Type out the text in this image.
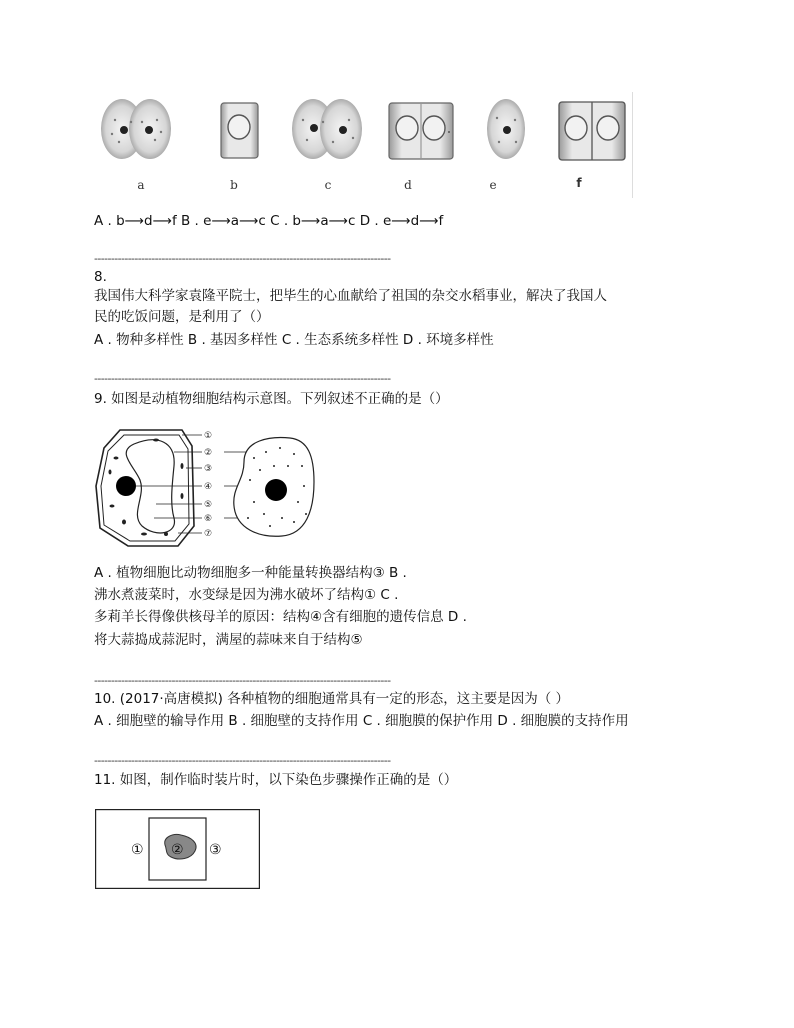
a	b	c	d	e	f
A . b⟶d⟶f B . e⟶a⟶c C . b⟶a⟶c D . e⟶d⟶f
----------------------------------------------------------------------------------------
8.
我国伟大科学家袁隆平院士，把毕生的心血献给了祖国的杂交水稻事业，解决了我国人
民的吃饭问题，是利用了（）
A . 物种多样性 B . 基因多样性 C . 生态系统多样性 D . 环境多样性
----------------------------------------------------------------------------------------
9. 如图是动植物细胞结构示意图。下列叙述不正确的是（）
①
②
③
④
⑤
⑥
⑦
A . 植物细胞比动物细胞多一种能量转换器结构③ B .
沸水煮菠菜时，水变绿是因为沸水破坏了结构① C .
多莉羊长得像供核母羊的原因：结构④含有细胞的遗传信息 D .
将大蒜捣成蒜泥时，满屋的蒜味来自于结构⑤
----------------------------------------------------------------------------------------
10. (2017·高唐模拟) 各种植物的细胞通常具有一定的形态，这主要是因为（ ）
A . 细胞壁的输导作用 B . 细胞壁的支持作用 C . 细胞膜的保护作用 D . 细胞膜的支持作用
----------------------------------------------------------------------------------------
11. 如图，制作临时装片时，以下染色步骤操作正确的是（）
① ② ③
